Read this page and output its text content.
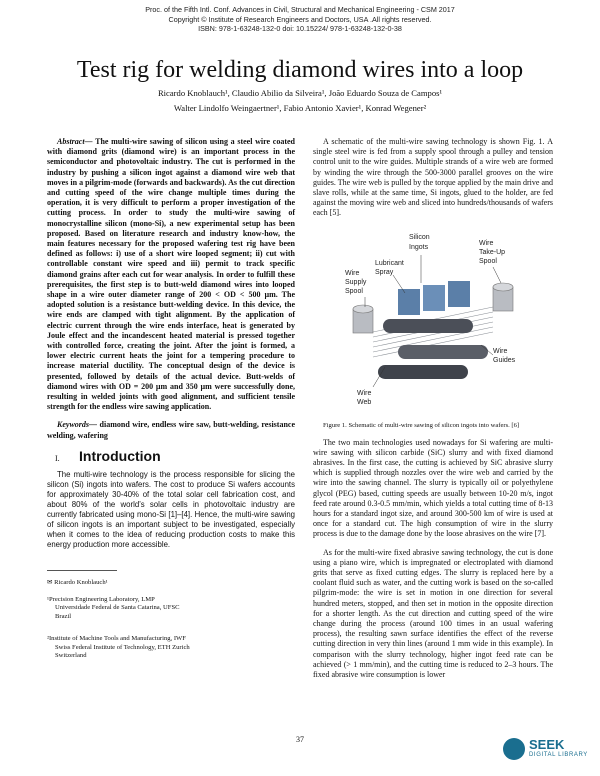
Proc. of the Fifth Intl. Conf. Advances in Civil, Structural and Mechanical Engineering - CSM 2017
Copyright © Institute of Research Engineers and Doctors, USA .All rights reserved.
ISBN: 978-1-63248-132-0 doi: 10.15224/ 978-1-63248-132-0-38
Test rig for welding diamond wires into a loop
Ricardo Knoblauch¹, Claudio Abilio da Silveira¹, João Eduardo Souza de Campos¹
Walter Lindolfo Weingaertner¹, Fabio Antonio Xavier¹, Konrad Wegener²

Abstract— The multi-wire sawing of silicon using a steel wire coated with diamond grits (diamond wire) is an important process in the semiconductor and photovoltaic industry. The cut is performed in the industry by pushing a silicon ingot against a diamond wire web that moves in a pilgrim-mode (forwards and backwards). As the cut direction and cutting speed of the wire change multiple times during the operation, it is very difficult to perform a proper investigation of the cutting process. In order to study the multi-wire sawing of monocrystalline silicon (mono-Si), a new experimental setup has been proposed. Based on literature research and industry know-how, the main features necessary for the proposed wafering test rig have been defined as follows: i) use of a short wire looped segment; ii) cut with controllable constant wire speed and iii) permit to track specific diamond grains after each cut for wear analysis. In order to fulfill these prerequisites, the first step is to butt-weld diamond wires into looped shape in a wire outer diameter range of 200 < OD < 500 µm. The adopted solution is a resistance butt-welding device. In this device, the wire ends are clamped with tight alignment. By the application of electric current through the wire ends interface, heat is generated by Joule effect and the incandescent heated material is pressed together with controlled force, creating the joint. After the joint is formed, a lower electric current heats the joint for a tempering procedure to increase material ductility. The conceptual design of the device is presented, followed by details of the actual device. Butt-welds of diamond wires with OD = 200 µm and 350 µm were successfully done, resulting in welded joints with good alignment, and sufficient tensile strength for the endless wire sawing application.

Keywords— diamond wire, endless wire saw, butt-welding, resistance welding, wafering

I.	Introduction

The multi-wire technology is the process responsible for slicing the silicon (Si) ingots into wafers. The cost to produce Si wafers accounts for approximately 30-40% of the total solar cell fabrication cost, and about 80% of the world’s solar cells in photovoltaic industry are currently fabricated using mono-Si [1]–[4]. Hence, the multi-wire sawing of silicon ingots is an important subject to be investigated, especially when it comes to the idea of reducing production costs to make this energy production more accessible.

✉ Ricardo Knoblauch¹
¹Precision Engineering Laboratory, LMP
Universidade Federal de Santa Catarina, UFSC
Brazil
²Institute of Machine Tools and Manufacturing, IWF
Swiss Federal Institute of Technology, ETH Zurich
Switzerland

A schematic of the multi-wire sawing technology is shown Fig. 1. A single steel wire is fed from a supply spool through a pulley and tension control unit to the wire guides. Multiple strands of a wire web are formed by winding the wire through the 500-3000 parallel grooves on the wire guides. The wire web is pulled by the torque applied by the main drive and slave rolls, while at the same time, Si ingots, glued to the holder, are fed against the moving wire web and sliced into hundreds/thousands of wafers each [5].

Silicon
Ingots
Lubricant
Spray
Wire
Supply
Spool
Wire
Take-Up
Spool
Wire
Guides
Wire
Web
Figure 1. Schematic of multi-wire sawing of silicon ingots into wafers. [6]

The two main technologies used nowadays for Si wafering are multi-wire sawing with silicon carbide (SiC) slurry and with fixed diamond abrasives. In the first case, the cutting is achieved by SiC abrasive slurry which is supplied through nozzles over the wire web and carried by the wire into the sawing channel. The slurry is typically oil or polyethylene glycol (PEG) based, cutting speeds are usually between 10-20 m/s, ingot feed rate around 0.3-0.5 mm/min, which yields a total cutting time of 8-13 hours for a standard ingot size, and around 300-500 km of wire is used at once for a standard cut. The high consumption of wire in the slurry process is due to the damage done by the loose abrasives on the wire [7].

As for the multi-wire fixed abrasive sawing technology, the cut is done using a piano wire, which is impregnated or electroplated with diamond grits that serve as fixed cutting edges. The slurry is replaced here by a coolant fluid such as water, and the cutting work is based on the so-called pilgrim-mode: the wire is set in motion in one direction for several hundred meters, stopped, and then set in motion in the opposite direction for a shorter length. As the cut direction and cutting speed of the wire change during the process (around 100 times in an usual wafering process), the resulting sawn surface identifies the effect of the reverse cutting direction in very thin lines (around 1 mm wide in this example). In comparison with the slurry technology, higher ingot feed rate can be achieved (> 1 mm/min), and the cutting time is reduced to 2–3 hours. The fixed abrasive wire consumption is lower

37	SEEK
DIGITAL LIBRARY
